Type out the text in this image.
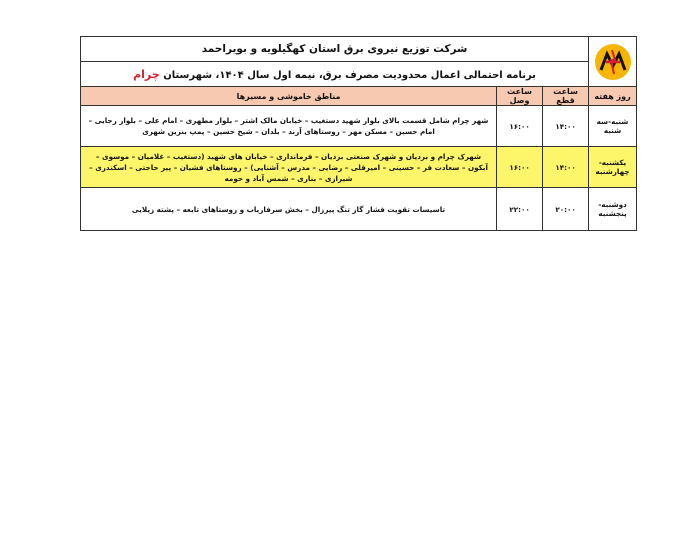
	شرکت توزیع نیروی برق استان کهگیلویه و بویراحمد		
	برنامه احتمالی اعمال محدودیت مصرف برق، نیمه اول سال ۱۴۰۴، شهرستان چرام		
روز هفته	ساعت قطع	ساعت وصل	مناطق خاموشی و مسیرها
شنبه-سه شنبه	۱۴:۰۰	۱۶:۰۰	شهر چرام شامل قسمت بالای بلوار شهید دستغیب – خیابان مالک اشتر – بلوار مطهری – امام علی – بلوار رجایی – امام حسین – مسکن مهر – روستاهای آرند – بلدان – شیخ حسین – پمپ بنزین شهری
یکشنبه-چهارشنبه	۱۴:۰۰	۱۶:۰۰	شهرک چرام و بردیان و شهرک صنعتی بردیان – فرمانداری – خیابان های شهید (دستغیب – غلامیان – موسوی – آبکون – سعادت فر – حسینی – امیرقلی – رضایی – مدرس – آشنایی) – روستاهای فشیان – پیر حاجتی – اسکندری – شیرازی – بناری – شمس آباد و حومه
دوشنبه-پنجشنبه	۲۰:۰۰	۲۲:۰۰	تاسیسات تقویت فشار گاز تنگ پیرزال – بخش سرفاریاب و روستاهای تابعه – پشته زیلایی
